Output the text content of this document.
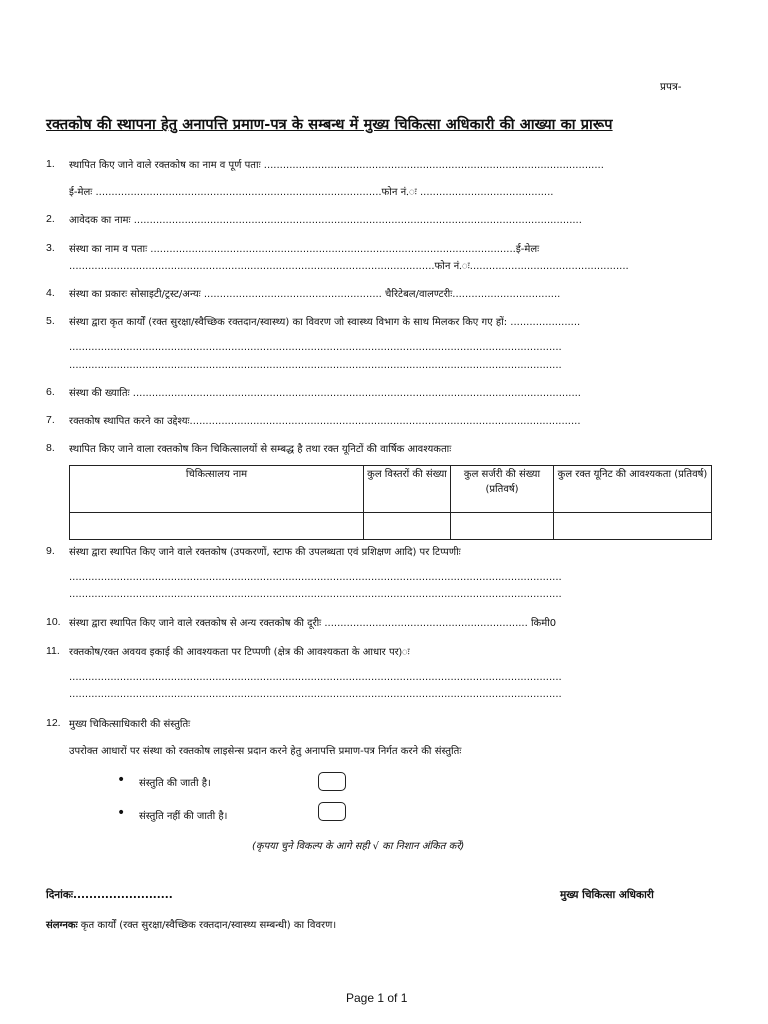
प्रपत्र-
रक्तकोष की स्थापना हेतु अनापत्ति प्रमाण-पत्र के सम्बन्ध में मुख्य चिकित्सा अधिकारी की आख्या का प्रारूप
1. स्थापित किए जाने वाले रक्तकोष का नाम व पूर्ण पताः ...........................................................................................................
ई-मेलः ..........................................................................................फोन नं.ः ..........................................
2. आवेदक का नामः .............................................................................................................................................
3. संस्था का नाम व पताः ...................................................................................................................ई-मेलः
...................................................................................................................फोन नं.ः..................................................
4. संस्था का प्रकारः सोसाइटी/ट्रस्ट/अन्यः ........................................................ चैरिटेबल/वालण्टरीः..................................
5. संस्था द्वारा कृत कार्यों (रक्त सुरक्षा/स्वैच्छिक रक्तदान/स्वास्थ्य) का विवरण जो स्वास्थ्य विभाग के साथ मिलकर किए गए हों: ......................
...........................................................................................................................................................
...........................................................................................................................................................
6. संस्था की ख्यातिः .............................................................................................................................................
7. रक्तकोष स्थापित करने का उद्देश्यः...........................................................................................................................
8. स्थापित किए जाने वाला रक्तकोष किन चिकित्सालयों से सम्बद्ध है तथा रक्त यूनिटों की वार्षिक आवश्यकताः
चिकित्सालय नाम	कुल विस्तरों की संख्या	कुल सर्जरी की संख्या (प्रतिवर्ष)	कुल रक्त यूनिट की आवश्यकता (प्रतिवर्ष)

9. संस्था द्वारा स्थापित किए जाने वाले रक्तकोष (उपकरणों, स्टाफ की उपलब्धता एवं प्रशिक्षण आदि) पर टिप्पणीः
...........................................................................................................................................................
...........................................................................................................................................................
10. संस्था द्वारा स्थापित किए जाने वाले रक्तकोष से अन्य रक्तकोष की दूरीः ................................................................ किमी0
11. रक्तकोष/रक्त अवयव इकाई की आवश्यकता पर टिप्पणी (क्षेत्र की आवश्यकता के आधार पर)ः
...........................................................................................................................................................
...........................................................................................................................................................
12. मुख्य चिकित्साधिकारी की संस्तुतिः
उपरोक्त आधारों पर संस्था को रक्तकोष लाइसेन्स प्रदान करने हेतु अनापत्ति प्रमाण-पत्र निर्गत करने की संस्तुतिः
• संस्तुति की जाती है।
• संस्तुति नहीं की जाती है।
(कृपया चुने विकल्प के आगे सही √ का निशान अंकित करें)
दिनांकः.........................	मुख्य चिकित्सा अधिकारी
संलग्नकः कृत कार्यों (रक्त सुरक्षा/स्वैच्छिक रक्तदान/स्वास्थ्य सम्बन्धी) का विवरण।
Page 1 of 1
